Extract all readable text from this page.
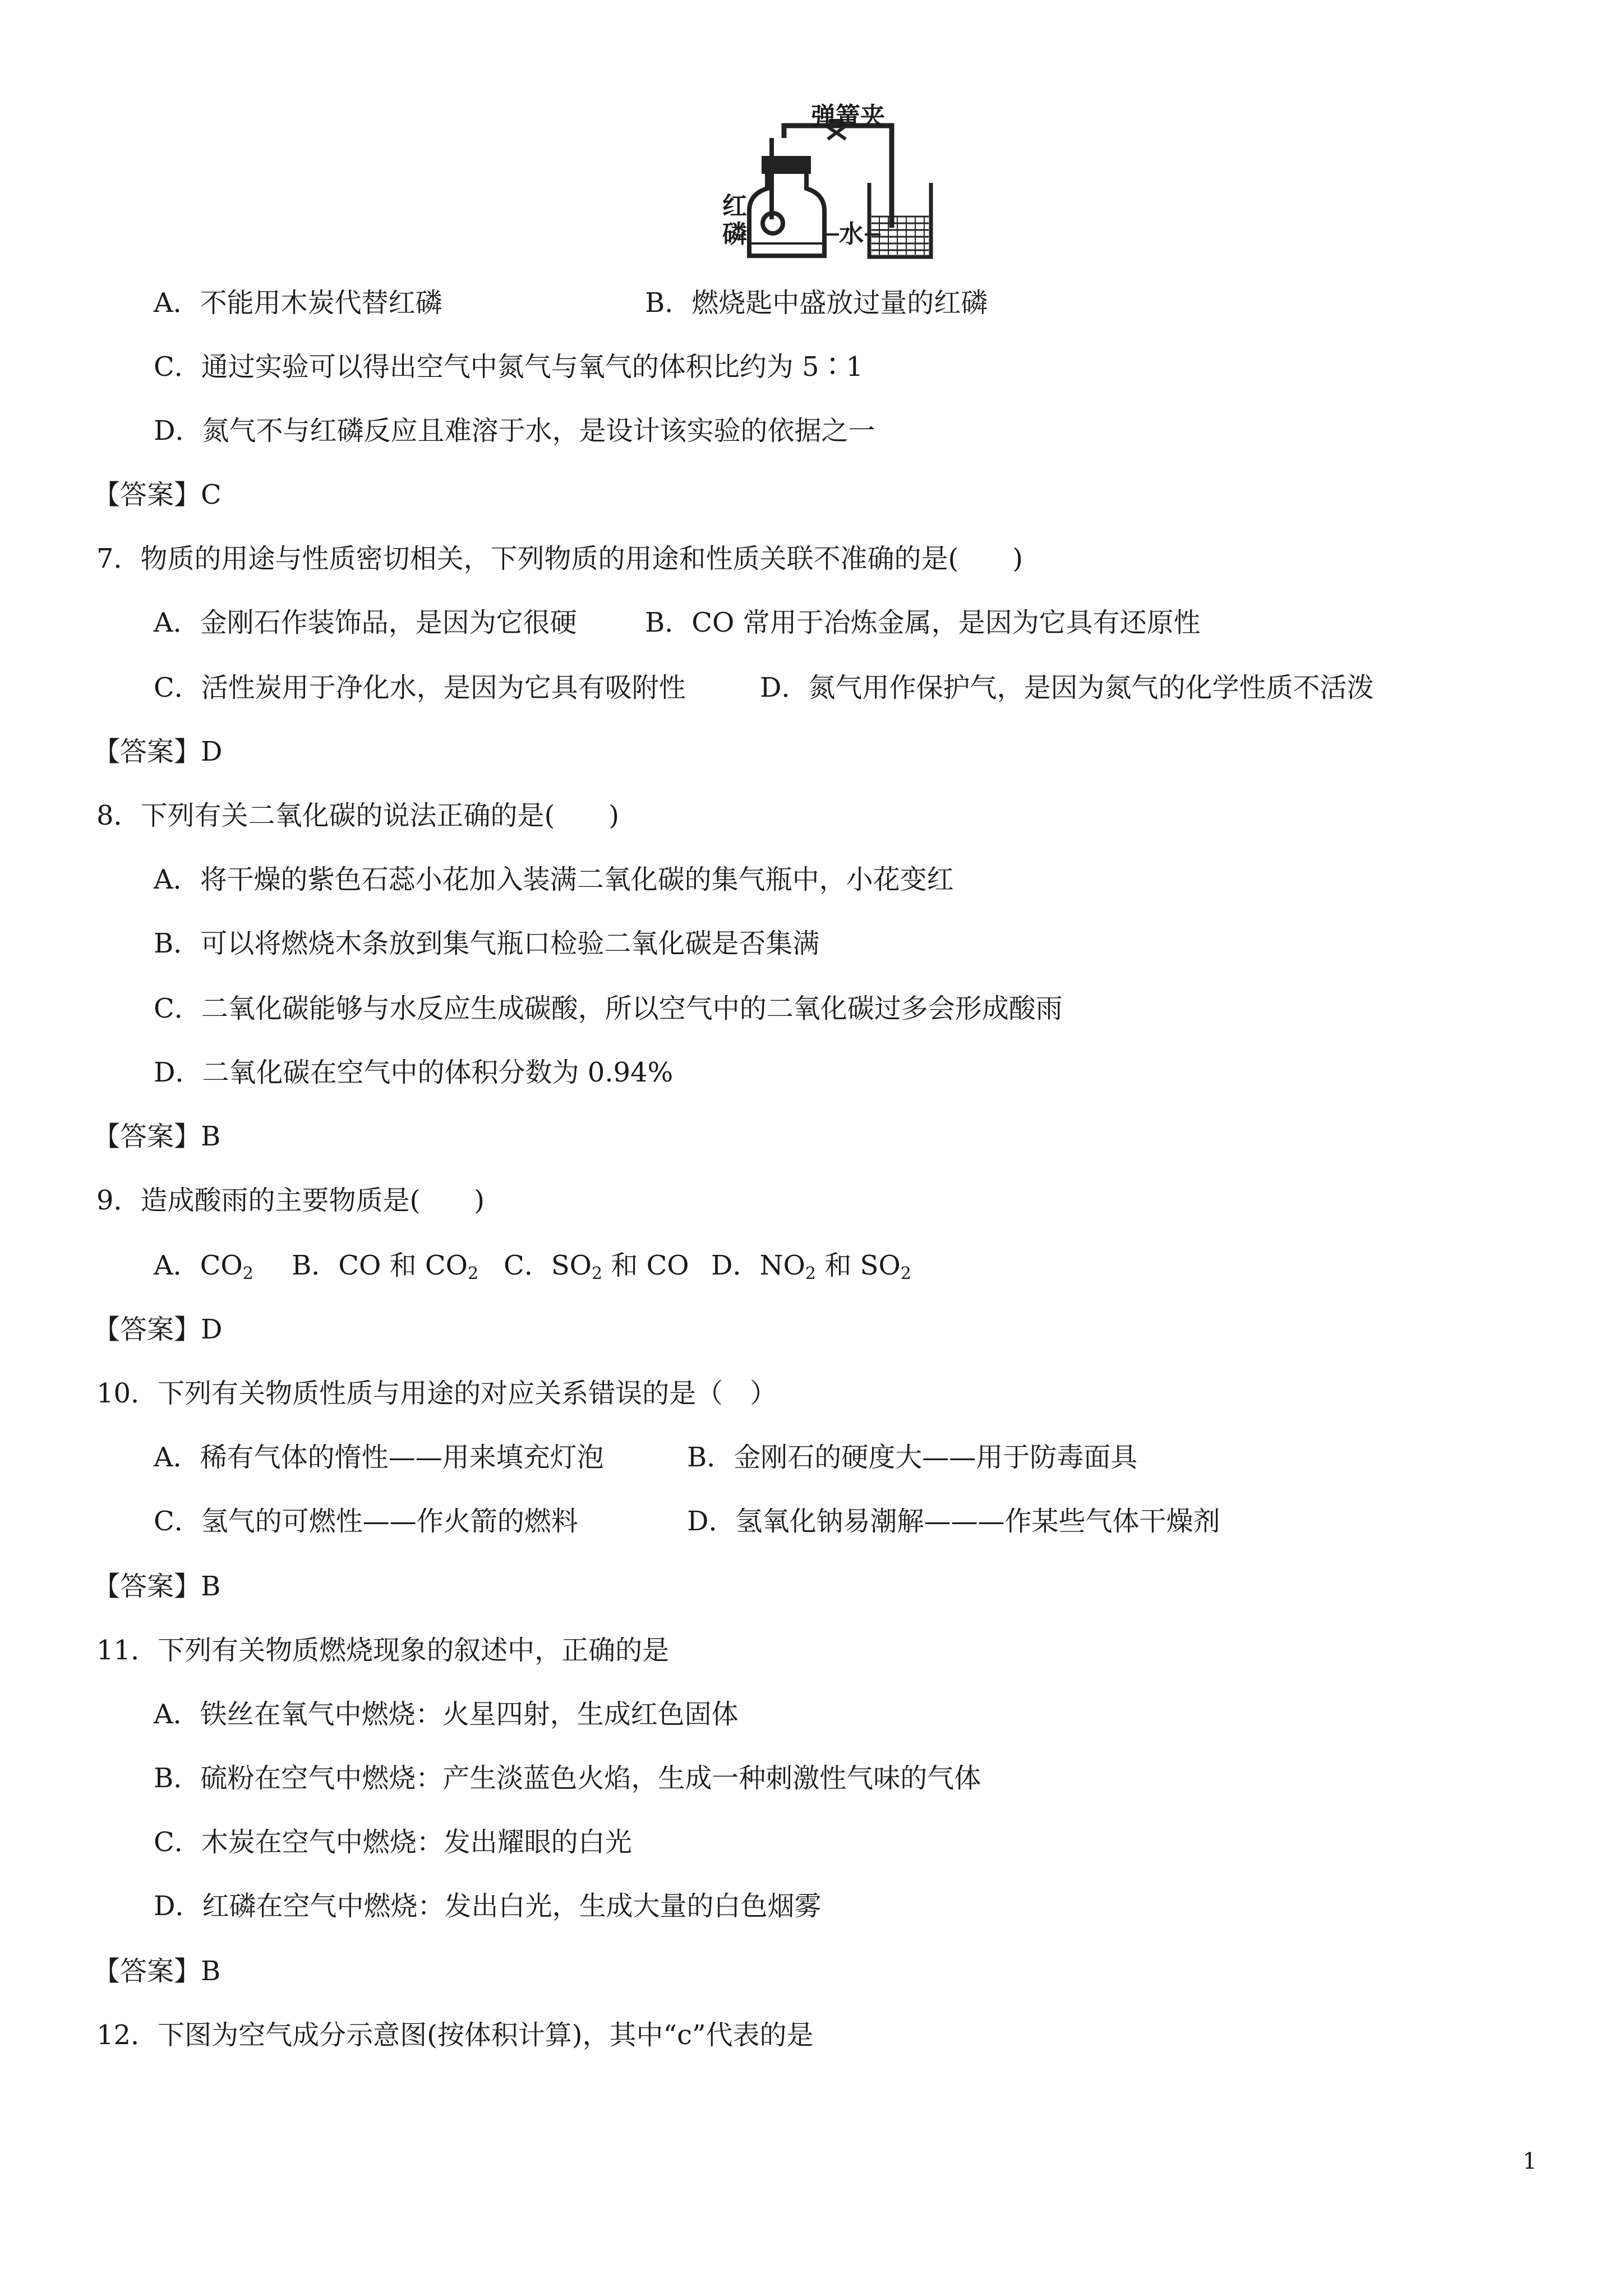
弹簧夹
红
磷	水
A．不能用木炭代替红磷	B．燃烧匙中盛放过量的红磷
C．通过实验可以得出空气中氮气与氧气的体积比约为 5∶1
D．氮气不与红磷反应且难溶于水，是设计该实验的依据之一
【答案】C
7．物质的用途与性质密切相关，下列物质的用途和性质关联不准确的是(　　)
A．金刚石作装饰品，是因为它很硬	B．CO 常用于冶炼金属，是因为它具有还原性
C．活性炭用于净化水，是因为它具有吸附性	D．氮气用作保护气，是因为氮气的化学性质不活泼
【答案】D
8．下列有关二氧化碳的说法正确的是(　　)
A．将干燥的紫色石蕊小花加入装满二氧化碳的集气瓶中，小花变红
B．可以将燃烧木条放到集气瓶口检验二氧化碳是否集满
C．二氧化碳能够与水反应生成碳酸，所以空气中的二氧化碳过多会形成酸雨
D．二氧化碳在空气中的体积分数为 0.94%
【答案】B
9．造成酸雨的主要物质是(　　)
A．$CO_2$ B．CO 和 $CO_2$ C．$SO_2$ 和 CO D．$NO_2$ 和 $SO_2$
【答案】D
10．下列有关物质性质与用途的对应关系错误的是（　）
A．稀有气体的惰性——用来填充灯泡	B．金刚石的硬度大——用于防毒面具
C．氢气的可燃性——作火箭的燃料	D．氢氧化钠易潮解———作某些气体干燥剂
【答案】B
11．下列有关物质燃烧现象的叙述中，正确的是
A．铁丝在氧气中燃烧：火星四射，生成红色固体
B．硫粉在空气中燃烧：产生淡蓝色火焰，生成一种刺激性气味的气体
C．木炭在空气中燃烧：发出耀眼的白光
D．红磷在空气中燃烧：发出白光，生成大量的白色烟雾
【答案】B
12．下图为空气成分示意图(按体积计算)，其中“c”代表的是
1
